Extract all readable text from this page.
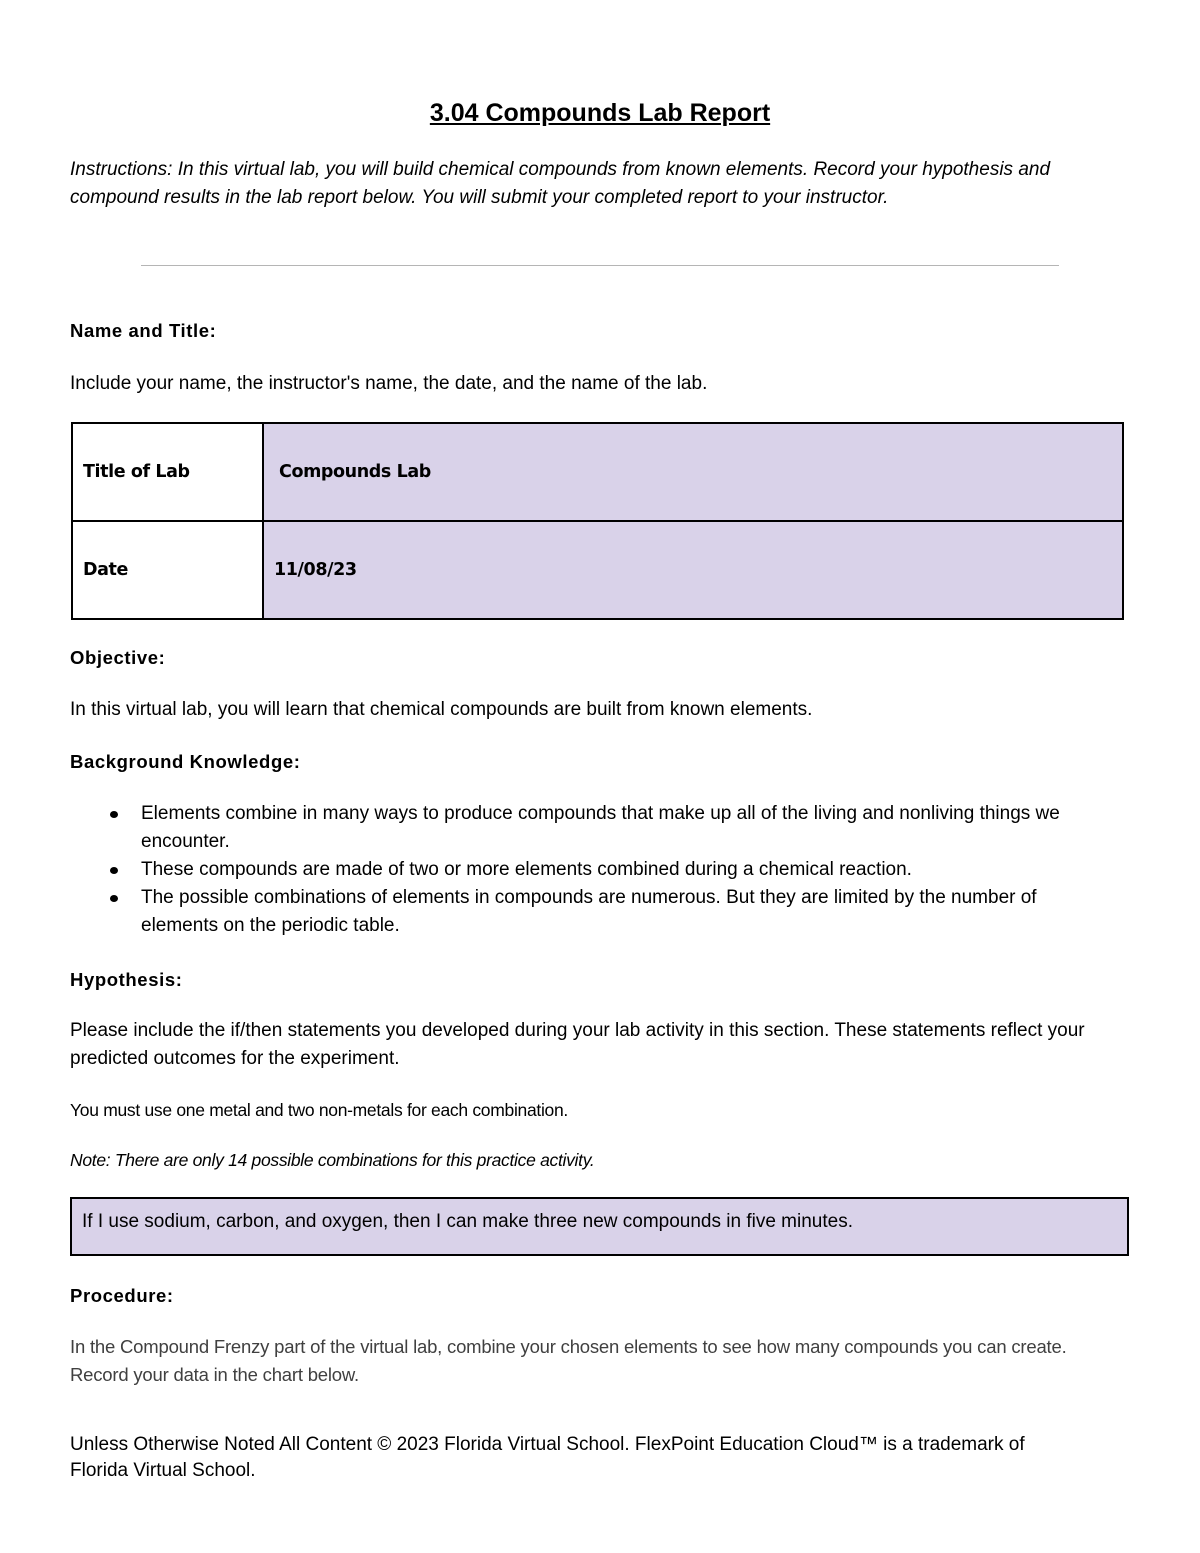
3.04 Compounds Lab Report
Instructions: In this virtual lab, you will build chemical compounds from known elements. Record your hypothesis and compound results in the lab report below. You will submit your completed report to your instructor.
Name and Title:
Include your name, the instructor's name, the date, and the name of the lab.
Title of Lab	Compounds Lab
Date	11/08/23
Objective:
In this virtual lab, you will learn that chemical compounds are built from known elements.
Background Knowledge:
Elements combine in many ways to produce compounds that make up all of the living and nonliving things we encounter.
These compounds are made of two or more elements combined during a chemical reaction.
The possible combinations of elements in compounds are numerous. But they are limited by the number of elements on the periodic table.
Hypothesis:
Please include the if/then statements you developed during your lab activity in this section. These statements reflect your predicted outcomes for the experiment.
You must use one metal and two non-metals for each combination.
Note: There are only 14 possible combinations for this practice activity.
If I use sodium, carbon, and oxygen, then I can make three new compounds in five minutes.
Procedure:
In the Compound Frenzy part of the virtual lab, combine your chosen elements to see how many compounds you can create. Record your data in the chart below.
Unless Otherwise Noted All Content © 2023 Florida Virtual School. FlexPoint Education Cloud™ is a trademark of Florida Virtual School.
